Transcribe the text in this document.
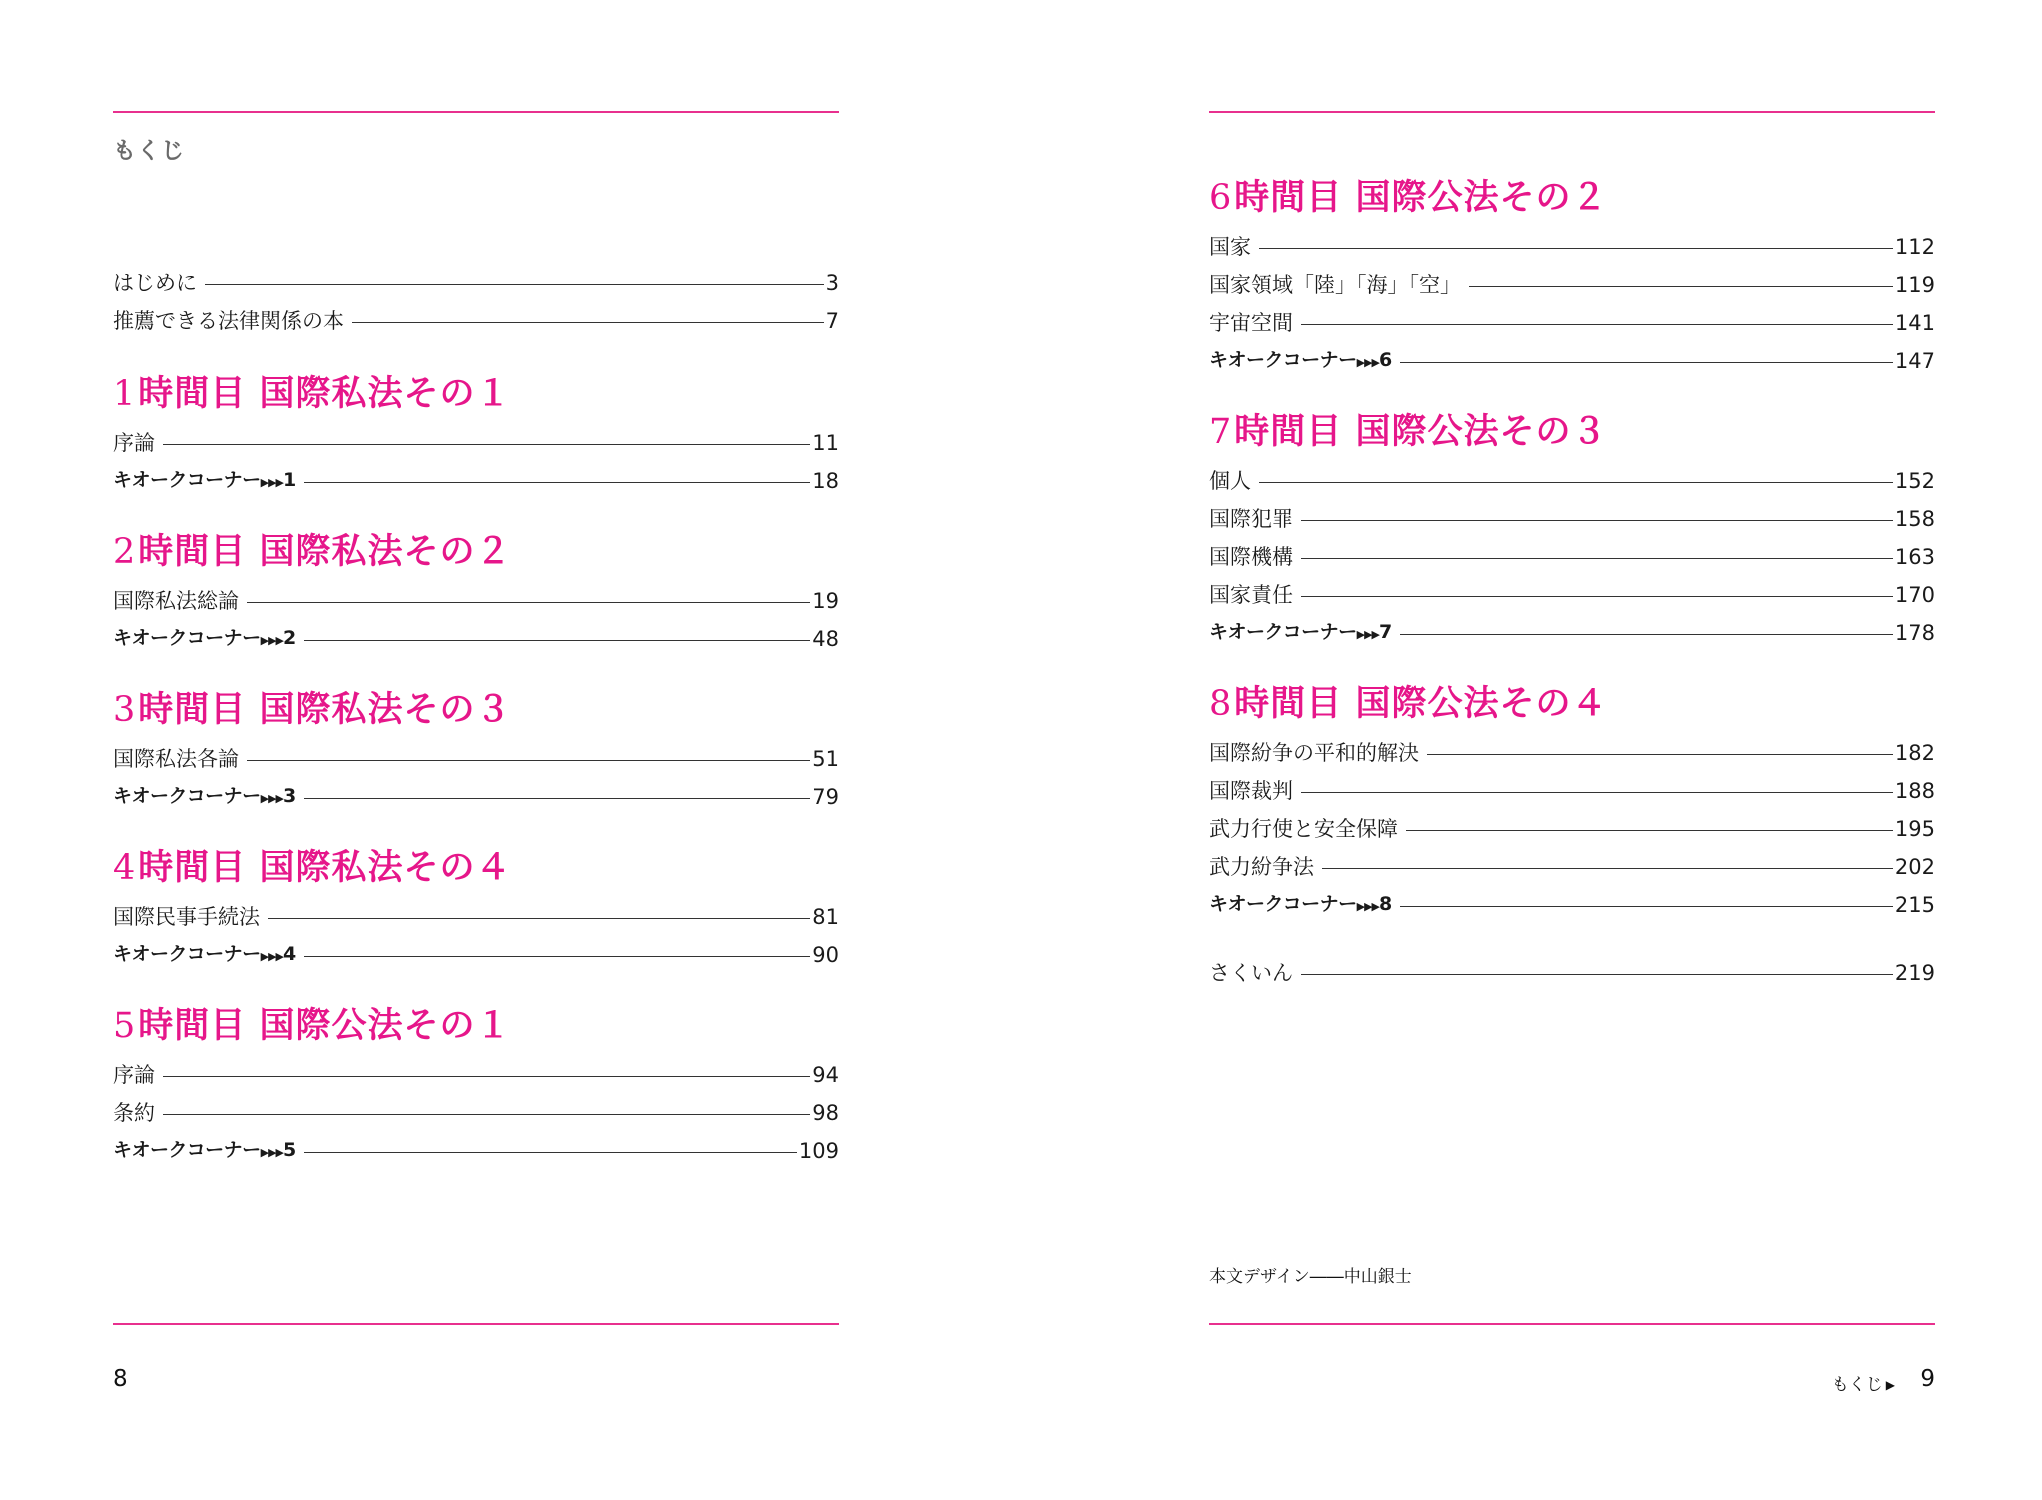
もくじ
はじめに	3
推薦できる法律関係の本	7
1時間目 国際私法その１
序論	11
キオークコーナー▶▶▶1	18
2時間目 国際私法その２
国際私法総論	19
キオークコーナー▶▶▶2	48
3時間目 国際私法その３
国際私法各論	51
キオークコーナー▶▶▶3	79
4時間目 国際私法その４
国際民事手続法	81
キオークコーナー▶▶▶4	90
5時間目 国際公法その１
序論	94
条約	98
キオークコーナー▶▶▶5	109
8
6時間目 国際公法その２
国家	112
国家領域「陸」「海」「空」	119
宇宙空間	141
キオークコーナー▶▶▶6	147
7時間目 国際公法その３
個人	152
国際犯罪	158
国際機構	163
国家責任	170
キオークコーナー▶▶▶7	178
8時間目 国際公法その４
国際紛争の平和的解決	182
国際裁判	188
武力行使と安全保障	195
武力紛争法	202
キオークコーナー▶▶▶8	215
さくいん	219
本文デザイン――中山銀士
もくじ ▶ 9
